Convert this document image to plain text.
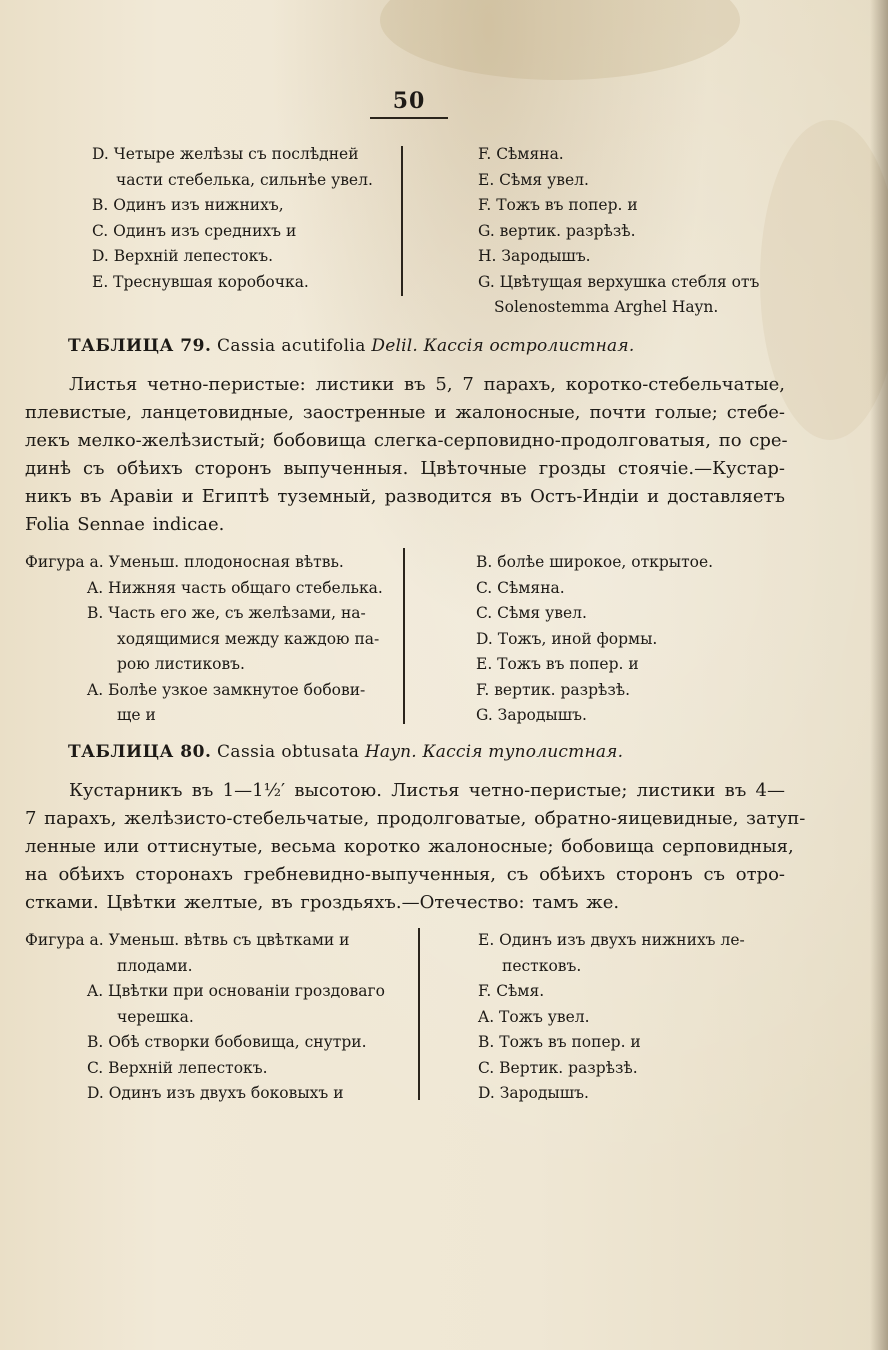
50
D. Четыре желѣзы съ послѣдней
части стебелька, сильнѣе увел.
B. Одинъ изъ нижнихъ,
C. Одинъ изъ среднихъ и
D. Верхній лепестокъ.
E. Треснувшая коробочка.
F. Сѣмяна.
E. Сѣмя увел.
F. Тожъ въ попер. и
G. вертик. разрѣзѣ.
H. Зародышъ.
G. Цвѣтущая верхушка стебля отъ
Solenostemma Arghel Hayn.
ТАБЛИЦА 79. Cassia acutifolia Delil. Кассія остролистная.
Листья четно-перистые: листики въ 5, 7 парахъ, коротко-стебельчатые,
плевистые, ланцетовидные, заостренные и жалоносные, почти голые; стебе-
лекъ мелко-желѣзистый; бобовища слегка-серповидно-продолговатыя, по сре-
динѣ съ обѣихъ сторонъ выпученныя. Цвѣточные грозды стоячіе.—Кустар-
никъ въ Аравіи и Египтѣ туземный, разводится въ Остъ-Индіи и доставляетъ
Folia Sennae indicae.
Фигура а. Уменьш. плодоносная вѣтвь.
A. Нижняя часть общаго стебелька.
B. Часть его же, съ желѣзами, на-
ходящимися между каждою па-
рою листиковъ.
A. Болѣе узкое замкнутое бобови-
ще и
B. болѣе широкое, открытое.
C. Сѣмяна.
C. Сѣмя увел.
D. Тожъ, иной формы.
E. Тожъ въ попер. и
F. вертик. разрѣзѣ.
G. Зародышъ.
ТАБЛИЦА 80. Cassia obtusata Hayn. Кассія туполистная.
Кустарникъ въ 1—1½′ высотою. Листья четно-перистые; листики въ 4—
7 парахъ, желѣзисто-стебельчатые, продолговатые, обратно-яицевидные, затуп-
ленные или оттиснутые, весьма коротко жалоносные; бобовища серповидныя,
на обѣихъ сторонахъ гребневидно-выпученныя, съ обѣихъ сторонъ съ отро-
стками. Цвѣтки желтые, въ гроздьяхъ.—Отечество: тамъ же.
Фигура а. Уменьш. вѣтвь съ цвѣтками и
плодами.
A. Цвѣтки при основаніи гроздоваго
черешка.
B. Обѣ створки бобовища, снутри.
C. Верхній лепестокъ.
D. Одинъ изъ двухъ боковыхъ и
E. Одинъ изъ двухъ нижнихъ ле-
пестковъ.
F. Сѣмя.
A. Тожъ увел.
B. Тожъ въ попер. и
C. Вертик. разрѣзѣ.
D. Зародышъ.
